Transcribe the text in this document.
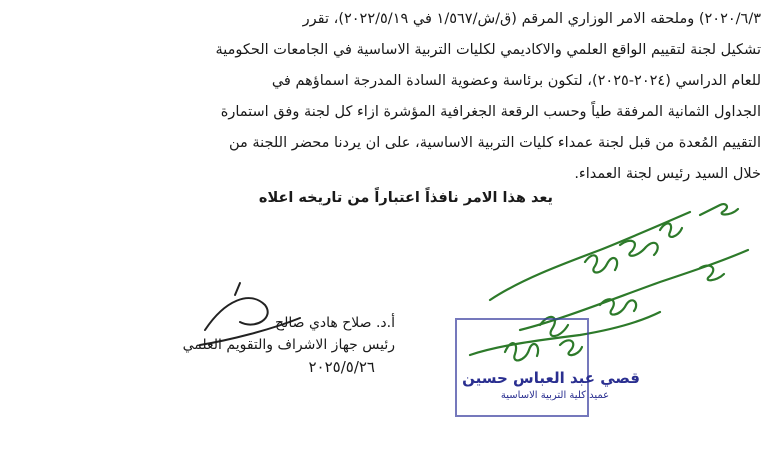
٢٠٢٠/٦/٣) وملحقه الامر الوزاري المرقم (ق/ش/١/٥٦٧ في ٢٠٢٢/٥/١٩)، تقرر

تشكيل لجنة لتقييم الواقع العلمي والاكاديمي لكليات التربية الاساسية في الجامعات الحكومية

للعام الدراسي (٢٠٢٤-٢٠٢٥)، لتكون برئاسة وعضوية السادة المدرجة اسماؤهم في

الجداول الثمانية المرفقة طياً وحسب الرقعة الجغرافية المؤشرة ازاء كل لجنة وفق استمارة

التقييم المُعدة من قبل لجنة عمداء كليات التربية الاساسية، على ان يردنا محضر اللجنة من

خلال السيد رئيس لجنة العمداء.

يعد هذا الامر نافذاً اعتباراً من تاريخه اعلاه

أ.د. صلاح هادي صالح
رئيس جهاز الاشراف والتقويم العلمي
٢٠٢٥/٥/٢٦
قصي عبد العباس حسين
عميد كلية التربية الاساسية
